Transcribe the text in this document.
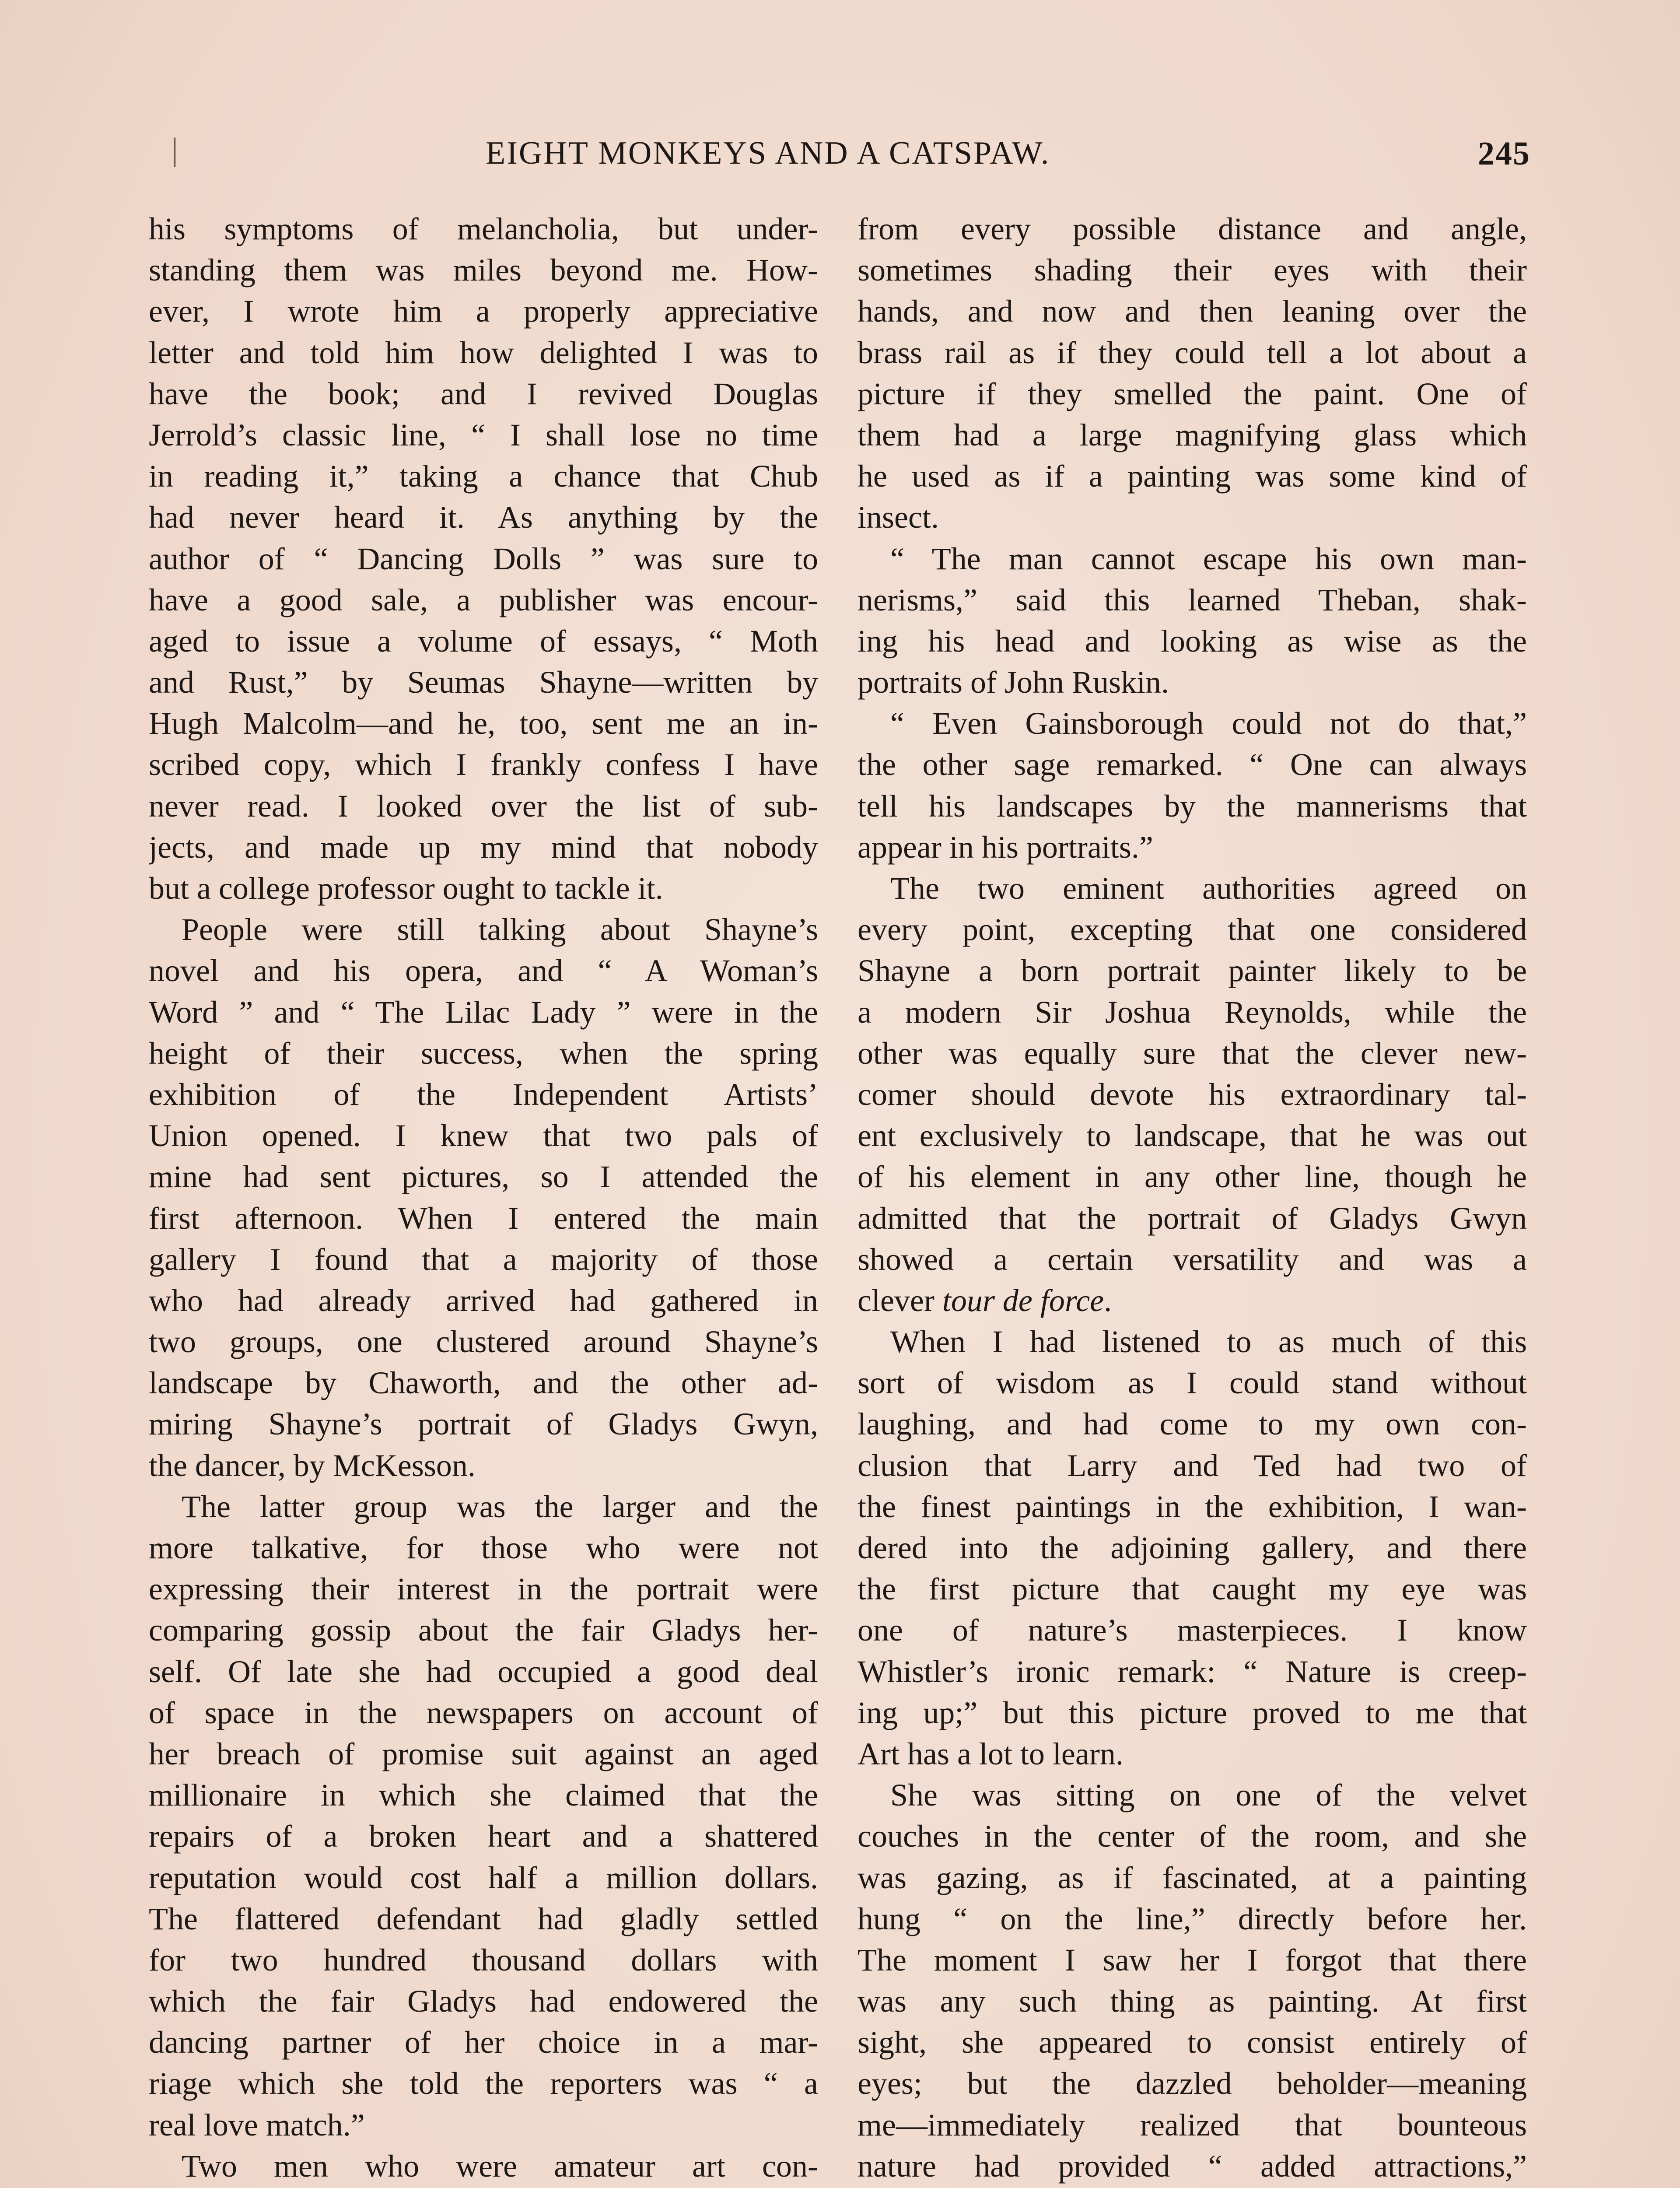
|	EIGHT MONKEYS AND A CATSPAW.	245
his symptoms of melancholia, but under-
standing them was miles beyond me. How-
ever, I wrote him a properly appreciative
letter and told him how delighted I was to
have the book; and I revived Douglas
Jerrold’s classic line, “ I shall lose no time
in reading it,” taking a chance that Chub
had never heard it. As anything by the
author of “ Dancing Dolls ” was sure to
have a good sale, a publisher was encour-
aged to issue a volume of essays, “ Moth
and Rust,” by Seumas Shayne—written by
Hugh Malcolm—and he, too, sent me an in-
scribed copy, which I frankly confess I have
never read. I looked over the list of sub-
jects, and made up my mind that nobody
but a college professor ought to tackle it.
People were still talking about Shayne’s
novel and his opera, and “ A Woman’s
Word ” and “ The Lilac Lady ” were in the
height of their success, when the spring
exhibition of the Independent Artists’
Union opened. I knew that two pals of
mine had sent pictures, so I attended the
first afternoon. When I entered the main
gallery I found that a majority of those
who had already arrived had gathered in
two groups, one clustered around Shayne’s
landscape by Chaworth, and the other ad-
miring Shayne’s portrait of Gladys Gwyn,
the dancer, by McKesson.
The latter group was the larger and the
more talkative, for those who were not
expressing their interest in the portrait were
comparing gossip about the fair Gladys her-
self. Of late she had occupied a good deal
of space in the newspapers on account of
her breach of promise suit against an aged
millionaire in which she claimed that the
repairs of a broken heart and a shattered
reputation would cost half a million dollars.
The flattered defendant had gladly settled
for two hundred thousand dollars with
which the fair Gladys had endowered the
dancing partner of her choice in a mar-
riage which she told the reporters was “ a
real love match.”
Two men who were amateur art con-
from every possible distance and angle,
sometimes shading their eyes with their
hands, and now and then leaning over the
brass rail as if they could tell a lot about a
picture if they smelled the paint. One of
them had a large magnifying glass which
he used as if a painting was some kind of
insect.
“ The man cannot escape his own man-
nerisms,” said this learned Theban, shak-
ing his head and looking as wise as the
portraits of John Ruskin.
“ Even Gainsborough could not do that,”
the other sage remarked. “ One can always
tell his landscapes by the mannerisms that
appear in his portraits.”
The two eminent authorities agreed on
every point, excepting that one considered
Shayne a born portrait painter likely to be
a modern Sir Joshua Reynolds, while the
other was equally sure that the clever new-
comer should devote his extraordinary tal-
ent exclusively to landscape, that he was out
of his element in any other line, though he
admitted that the portrait of Gladys Gwyn
showed a certain versatility and was a
clever tour de force.
When I had listened to as much of this
sort of wisdom as I could stand without
laughing, and had come to my own con-
clusion that Larry and Ted had two of
the finest paintings in the exhibition, I wan-
dered into the adjoining gallery, and there
the first picture that caught my eye was
one of nature’s masterpieces. I know
Whistler’s ironic remark: “ Nature is creep-
ing up;” but this picture proved to me that
Art has a lot to learn.
She was sitting on one of the velvet
couches in the center of the room, and she
was gazing, as if fascinated, at a painting
hung “ on the line,” directly before her.
The moment I saw her I forgot that there
was any such thing as painting. At first
sight, she appeared to consist entirely of
eyes; but the dazzled beholder—meaning
me—immediately realized that bounteous
nature had provided “ added attractions,”
